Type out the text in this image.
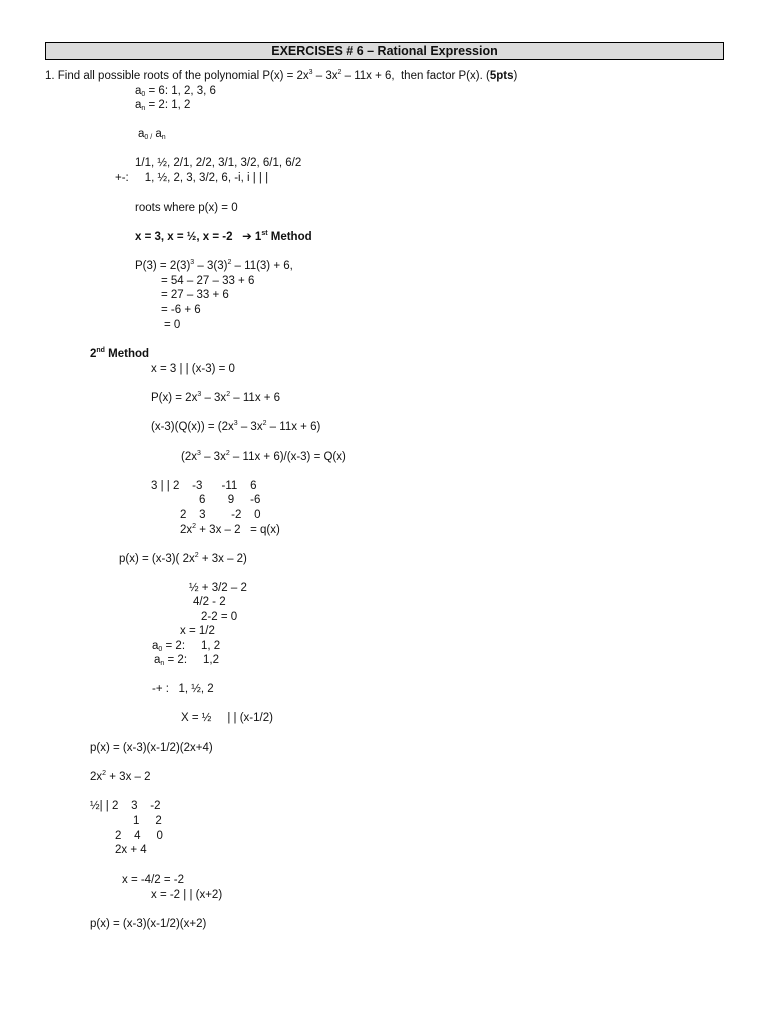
EXERCISES # 6 – Rational Expression
1. Find all possible roots of the polynomial $P(x) = 2x^3 - 3x^2 - 11x + 6$,  then factor P(x). (5pts)
$a_0 = 6$: 1, 2, 3, 6
$a_n = 2$: 1, 2
$a_{0 /}$ $a_n$
1/1, ½, 2/1, 2/2, 3/1, 3/2, 6/1, 6/2
+-:     1, ½, 2, 3, 3/2, 6, -i, i | | |
roots where p(x) = 0
x = 3, x = ½, x = -2   ➔ 1st Method
$P(3) = 2(3)^3 - 3(3)^2 - 11(3) + 6$,
= 54 – 27 – 33 + 6
= 27 – 33 + 6
= -6 + 6
= 0
2nd Method
x = 3 | | (x-3) = 0
$P(x) = 2x^3 - 3x^2 - 11x + 6$
$(x-3)(Q(x)) = (2x^3 - 3x^2 - 11x + 6)$
$(2x^3 - 3x^2 - 11x + 6)/(x-3) = Q(x)$
3 | | 2    -3      -11    6
6       9     -6
2    3        -2    0
$2x^2 + 3x - 2 = q(x)$
p(x) = (x-3)( $2x^2 + 3x - 2$)
½ + 3/2 – 2
4/2 - 2
2-2 = 0
x = 1/2
$a_0 = 2$:     1, 2
$a_n = 2$:     1,2
-+ :   1, ½, 2
X = ½     | | (x-1/2)
p(x) = (x-3)(x-1/2)(2x+4)
$2x^2 + 3x - 2$
½| | 2    3    -2
1     2
2    4     0
2x + 4
x = -4/2 = -2
x = -2 | | (x+2)
p(x) = (x-3)(x-1/2)(x+2)
